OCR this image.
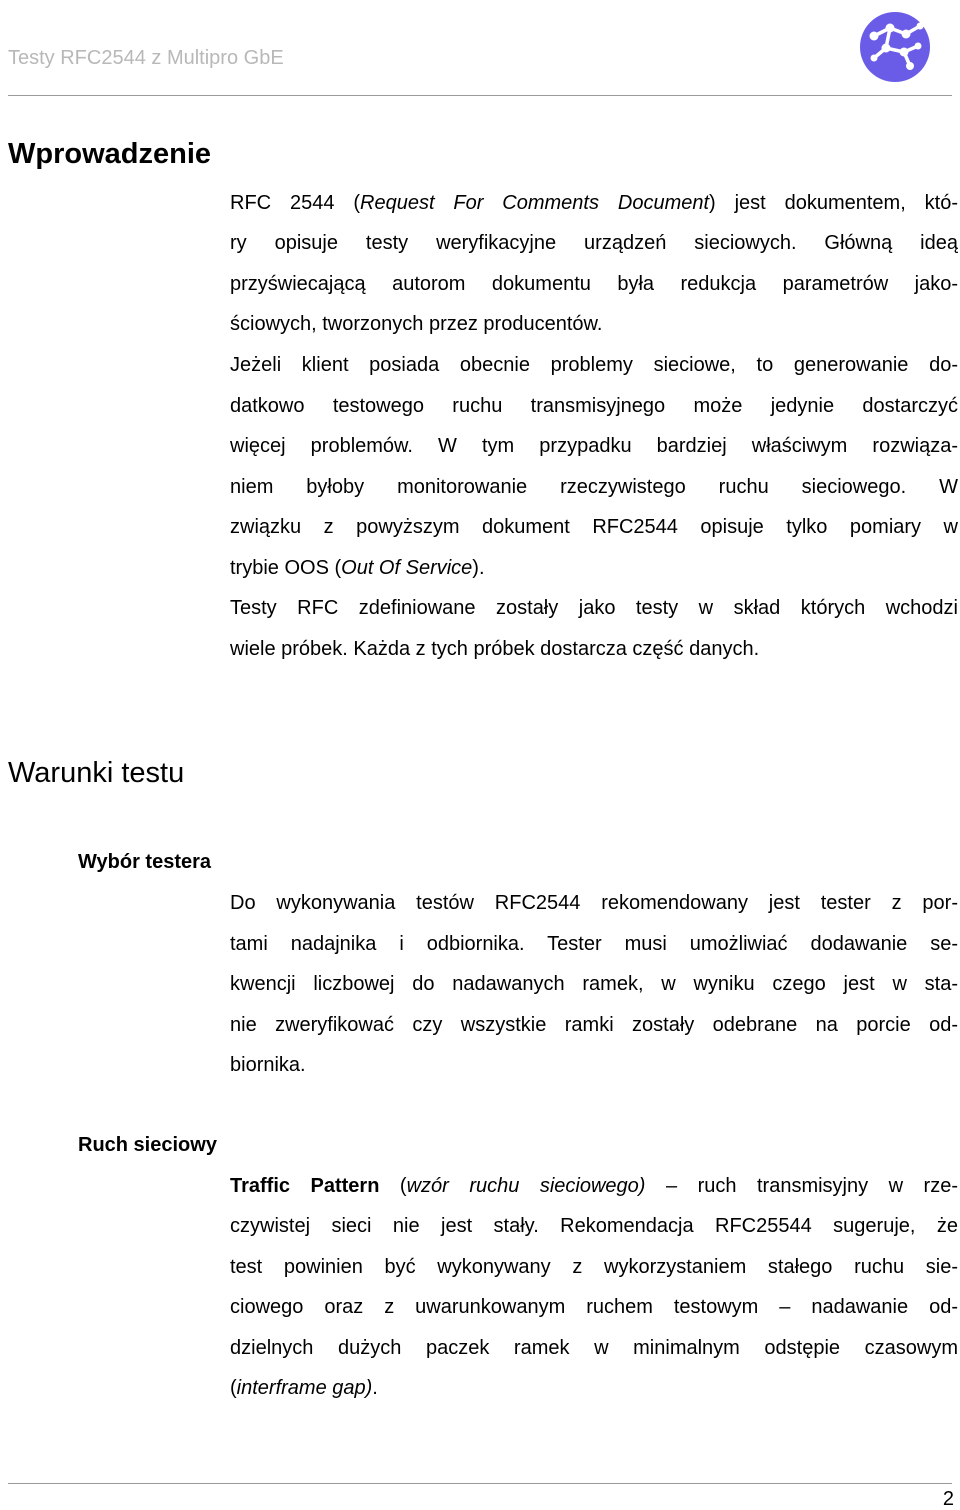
Testy RFC2544 z Multipro GbE
Wprowadzenie
RFC 2544 (Request For Comments Document) jest dokumentem, któ-
ry opisuje testy weryfikacyjne urządzeń sieciowych. Główną ideą
przyświecającą autorom dokumentu była redukcja parametrów jako-
ściowych, tworzonych przez producentów.
Jeżeli klient posiada obecnie problemy sieciowe, to generowanie do-
datkowo testowego ruchu transmisyjnego może jedynie dostarczyć
więcej problemów. W tym przypadku bardziej właściwym rozwiąza-
niem byłoby monitorowanie rzeczywistego ruchu sieciowego. W
związku z powyższym dokument RFC2544 opisuje tylko pomiary w
trybie OOS (Out Of Service).
Testy RFC zdefiniowane zostały jako testy w skład których wchodzi
wiele próbek. Każda z tych próbek dostarcza część danych.
Warunki testu
Wybór testera
Do wykonywania testów RFC2544 rekomendowany jest tester z por-
tami nadajnika i odbiornika. Tester musi umożliwiać dodawanie se-
kwencji liczbowej do nadawanych ramek, w wyniku czego jest w sta-
nie zweryfikować czy wszystkie ramki zostały odebrane na porcie od-
biornika.
Ruch sieciowy
Traffic Pattern (wzór ruchu sieciowego) – ruch transmisyjny w rze-
czywistej sieci nie jest stały. Rekomendacja RFC25544 sugeruje, że
test powinien być wykonywany z wykorzystaniem stałego ruchu sie-
ciowego oraz z uwarunkowanym ruchem testowym – nadawanie od-
dzielnych dużych paczek ramek w minimalnym odstępie czasowym
(interframe gap).
2
